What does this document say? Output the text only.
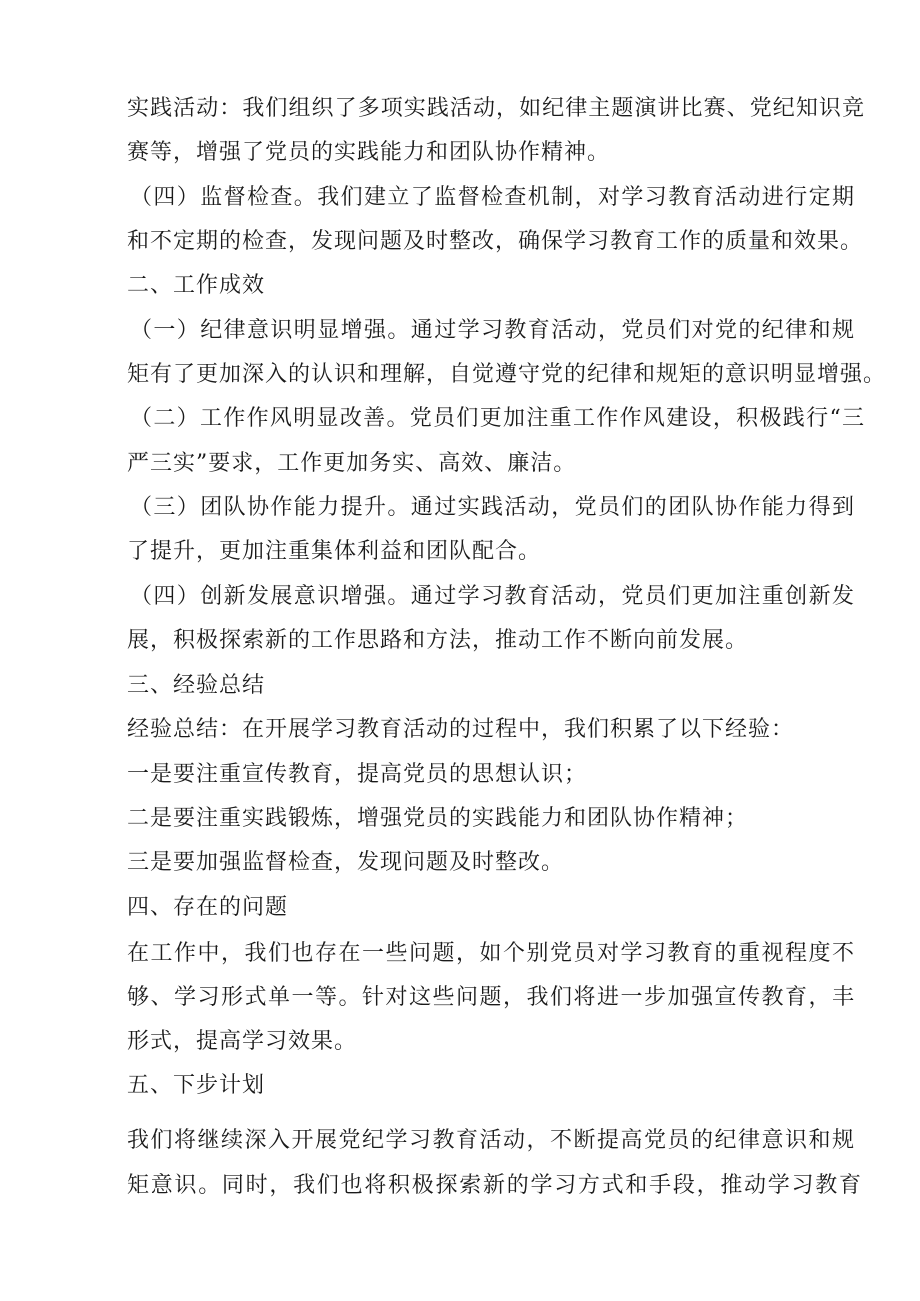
实践活动：我们组织了多项实践活动，如纪律主题演讲比赛、党纪知识竞
赛等，增强了党员的实践能力和团队协作精神。
（四）监督检查。我们建立了监督检查机制，对学习教育活动进行定期
和不定期的检查，发现问题及时整改，确保学习教育工作的质量和效果。
二、工作成效
（一）纪律意识明显增强。通过学习教育活动，党员们对党的纪律和规
矩有了更加深入的认识和理解，自觉遵守党的纪律和规矩的意识明显增强。
（二）工作作风明显改善。党员们更加注重工作作风建设，积极践行“三
严三实”要求，工作更加务实、高效、廉洁。
（三）团队协作能力提升。通过实践活动，党员们的团队协作能力得到
了提升，更加注重集体利益和团队配合。
（四）创新发展意识增强。通过学习教育活动，党员们更加注重创新发
展，积极探索新的工作思路和方法，推动工作不断向前发展。
三、经验总结
经验总结：在开展学习教育活动的过程中，我们积累了以下经验：
一是要注重宣传教育，提高党员的思想认识；
二是要注重实践锻炼，增强党员的实践能力和团队协作精神；
三是要加强监督检查，发现问题及时整改。
四、存在的问题
在工作中，我们也存在一些问题，如个别党员对学习教育的重视程度不
够、学习形式单一等。针对这些问题，我们将进一步加强宣传教育，丰
形式，提高学习效果。
五、下步计划
我们将继续深入开展党纪学习教育活动，不断提高党员的纪律意识和规
矩意识。同时，我们也将积极探索新的学习方式和手段，推动学习教育
